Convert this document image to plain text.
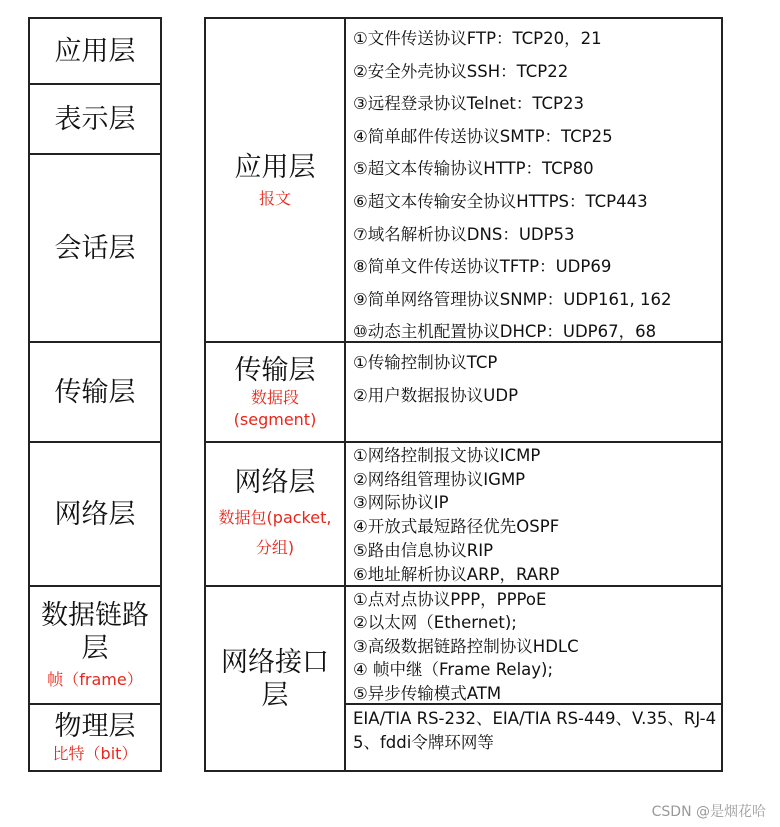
应用层
表示层
会话层
传输层
网络层
数据链路层
帧（frame）
物理层
比特（bit）
应用层
报文
①文件传送协议FTP：TCP20，21
②安全外壳协议SSH：TCP22
③远程登录协议Telnet：TCP23
④简单邮件传送协议SMTP：TCP25
⑤超文本传输协议HTTP：TCP80
⑥超文本传输安全协议HTTPS：TCP443
⑦域名解析协议DNS：UDP53
⑧简单文件传送协议TFTP：UDP69
⑨简单网络管理协议SNMP：UDP161, 162
⑩动态主机配置协议DHCP：UDP67，68
传输层
数据段
(segment)
①传输控制协议TCP
②用户数据报协议UDP
网络层
数据包(packet,
分组)
①网络控制报文协议ICMP
②网络组管理协议IGMP
③网际协议IP
④开放式最短路径优先OSPF
⑤路由信息协议RIP
⑥地址解析协议ARP，RARP
网络接口层
①点对点协议PPP，PPPoE
②以太网（Ethernet);
③高级数据链路控制协议HDLC
④ 帧中继（Frame Relay);
⑤异步传输模式ATM
EIA/TIA RS-232、EIA/TIA RS-449、V.35、RJ-45、fddi令牌环网等
CSDN @是烟花哈
